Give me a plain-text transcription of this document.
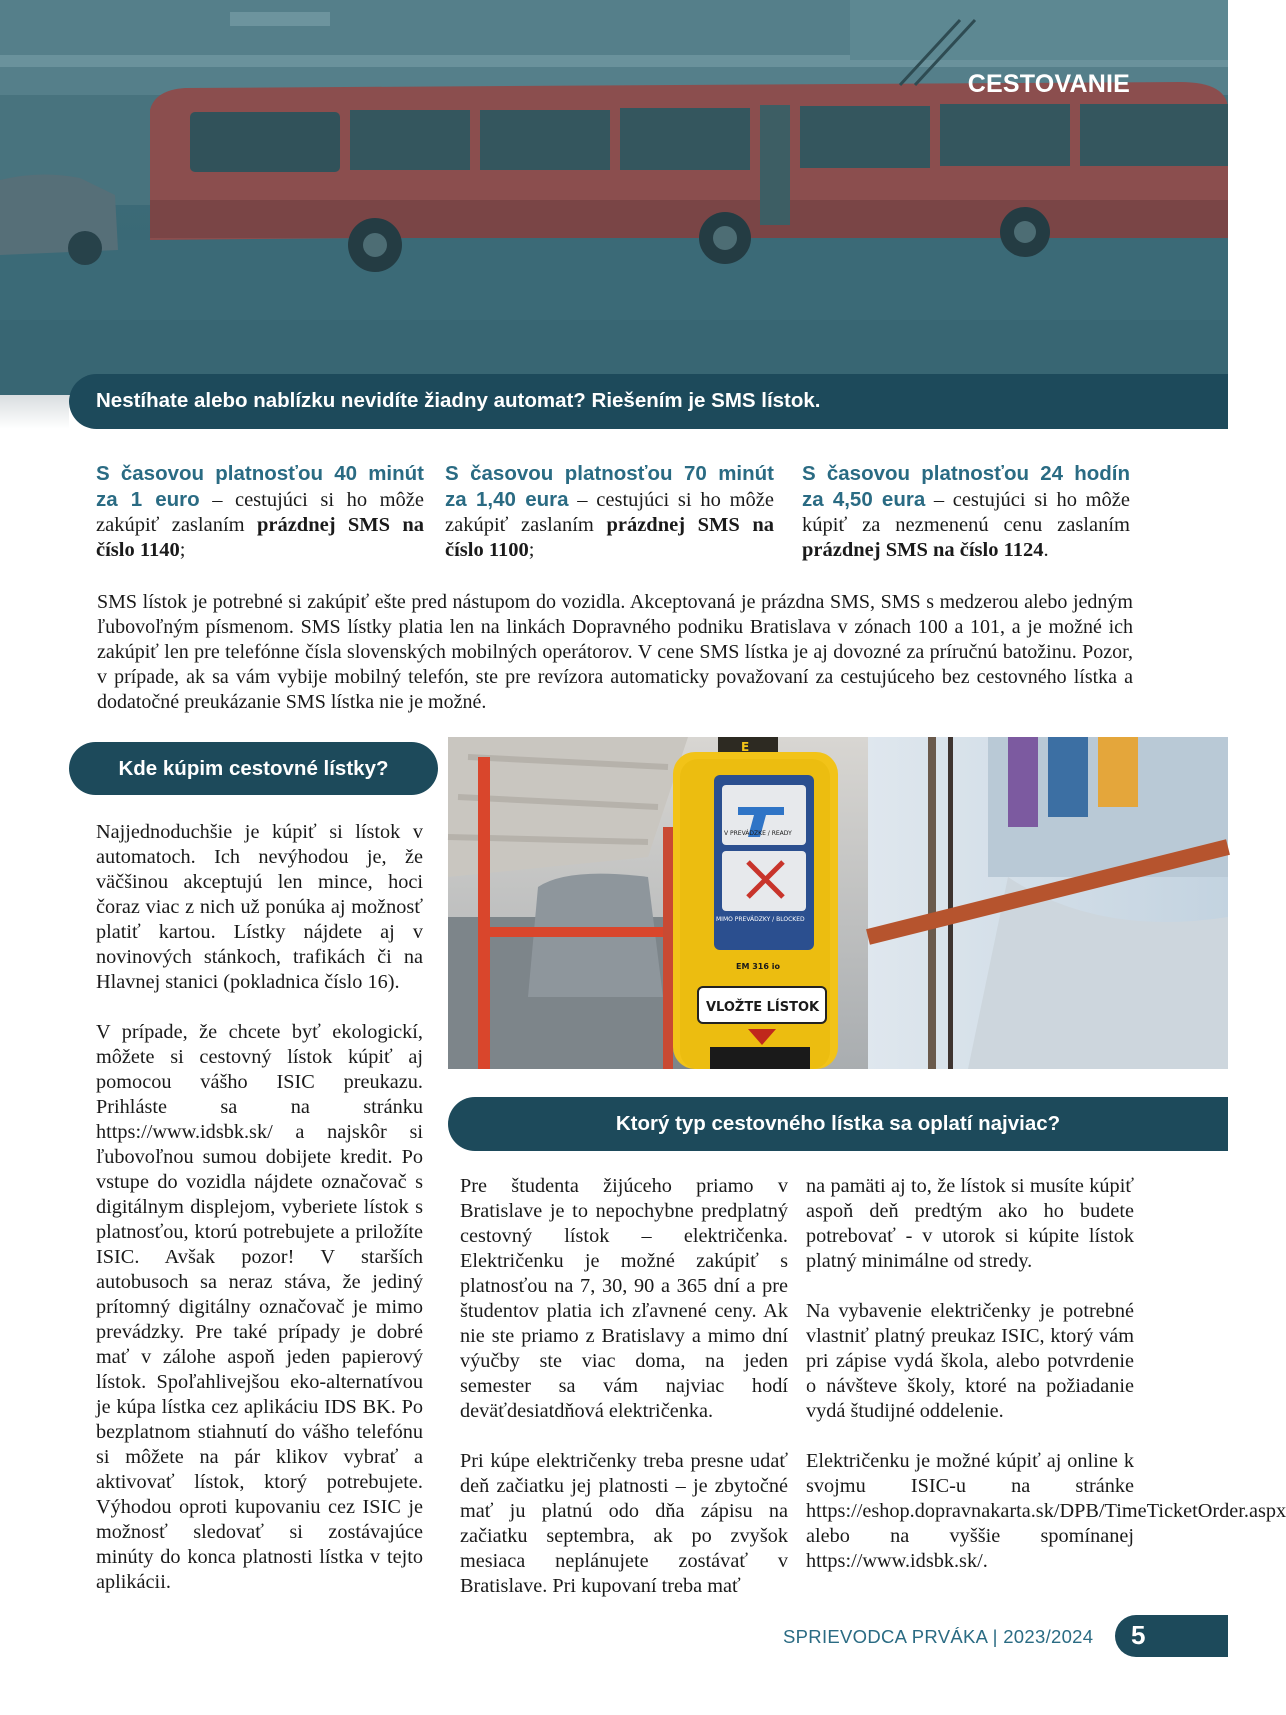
CESTOVANIE
Nestíhate alebo nablízku nevidíte žiadny automat? Riešením je SMS lístok.
S časovou platnosťou 40 minút za 1 euro – cestujúci si ho môže zakúpiť zaslaním prázdnej SMS na číslo 1140;
S časovou platnosťou 70 minút za 1,40 eura – cestujúci si ho môže zakúpiť zaslaním prázdnej SMS na číslo 1100;
S časovou platnosťou 24 hodín za 4,50 eura – cestujúci si ho môže kúpiť za nezmenenú cenu zaslaním prázdnej SMS na číslo 1124.
SMS lístok je potrebné si zakúpiť ešte pred nástupom do vozidla. Akceptovaná je prázdna SMS, SMS s medzerou alebo jedným ľubovoľným písmenom. SMS lístky platia len na linkách Dopravného podniku Bratislava v zónach 100 a 101, a je možné ich zakúpiť len pre telefónne čísla slovenských mobilných operátorov. V cene SMS lístka je aj dovozné za príručnú batožinu. Pozor, v prípade, ak sa vám vybije mobilný telefón, ste pre revízora automaticky považovaní za cestujúceho bez cestovného lístka a dodatočné preukázanie SMS lístka nie je možné.
Kde kúpim cestovné lístky?

Najjednoduchšie je kúpiť si lístok v automatoch. Ich nevýhodou je, že väčšinou akceptujú len mince, hoci čoraz viac z nich už ponúka aj možnosť platiť kartou. Lístky nájdete aj v novinových stánkoch, trafikách či na Hlavnej stanici (pokladnica číslo 16).

V prípade, že chcete byť ekologickí, môžete si cestovný lístok kúpiť aj pomocou vášho ISIC preukazu. Prihláste sa na stránku https://www.idsbk.sk/ a najskôr si ľubovoľnou sumou dobijete kredit. Po vstupe do vozidla nájdete označovač s digitálnym displejom, vyberiete lístok s platnosťou, ktorú potrebujete a priložíte ISIC. Avšak pozor! V starších autobusoch sa neraz stáva, že jediný prítomný digitálny označovač je mimo prevádzky. Pre také prípady je dobré mať v zálohe aspoň jeden papierový lístok. Spoľahlivejšou eko-alternatívou je kúpa lístka cez aplikáciu IDS BK. Po bezplatnom stiahnutí do vášho telefónu si môžete na pár klikov vybrať a aktivovať lístok, ktorý potrebujete. Výhodou oproti kupovaniu cez ISIC je možnosť sledovať si zostávajúce minúty do konca platnosti lístka v tejto aplikácii.

V PREVÁDZKE / READY
MIMO PREVÁDZKY / BLOCKED
EM 316 io
VLOŽTE LÍSTOK
E
Ktorý typ cestovného lístka sa oplatí najviac?

Pre študenta žijúceho priamo v Bratislave je to nepochybne predplatný cestovný lístok – električenka. Električenku je možné zakúpiť s platnosťou na 7, 30, 90 a 365 dní a pre študentov platia ich zľavnené ceny. Ak nie ste priamo z Bratislavy a mimo dní výučby ste viac doma, na jeden semester sa vám najviac hodí deväťdesiatdňová električenka.

Pri kúpe električenky treba presne udať deň začiatku jej platnosti – je zbytočné mať ju platnú odo dňa zápisu na začiatku septembra, ak po zvyšok mesiaca neplánujete zostávať v Bratislave. Pri kupovaní treba mať

na pamäti aj to, že lístok si musíte kúpiť aspoň deň predtým ako ho budete potrebovať - v utorok si kúpite lístok platný minimálne od stredy.

Na vybavenie električenky je potrebné vlastniť platný preukaz ISIC, ktorý vám pri zápise vydá škola, alebo potvrdenie o návšteve školy, ktoré na požiadanie vydá študijné oddelenie.

Električenku je možné kúpiť aj online k svojmu ISIC-u na stránke https://eshop.dopravnakarta.sk/DPB/TimeTicketOrder.aspx alebo na vyššie spomínanej https://www.idsbk.sk/.

SPRIEVODCA PRVÁKA | 2023/2024 5
